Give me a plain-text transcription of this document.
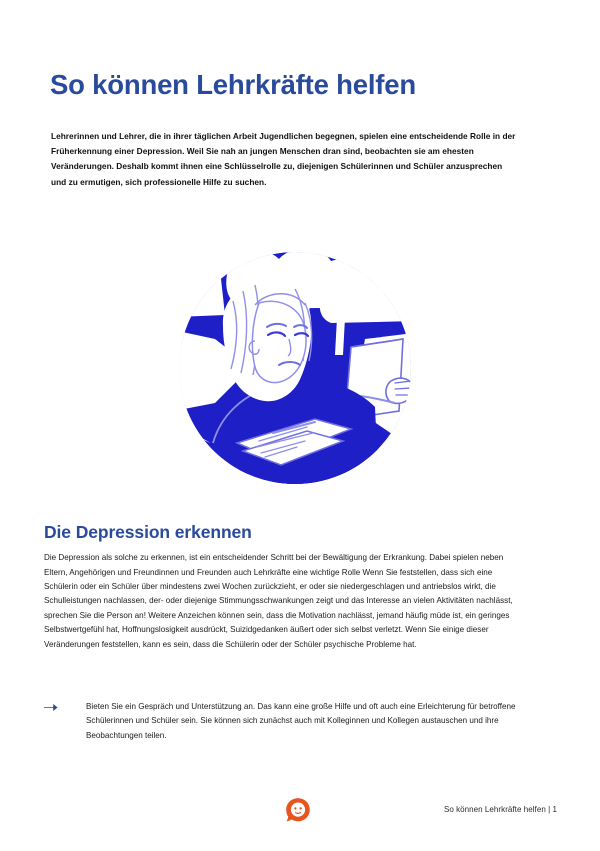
So können Lehrkräfte helfen

Lehrerinnen und Lehrer, die in ihrer täglichen Arbeit Jugendlichen begegnen, spielen eine entscheidende Rolle in der Früherkennung einer Depression. Weil Sie nah an jungen Menschen dran sind, beobachten sie am ehesten Veränderungen. Deshalb kommt ihnen eine Schlüsselrolle zu, diejenigen Schülerinnen und Schüler anzusprechen und zu ermutigen, sich professionelle Hilfe zu suchen.

Die Depression erkennen

Die Depression als solche zu erkennen, ist ein entscheidender Schritt bei der Bewältigung der Erkrankung. Dabei spielen neben Eltern, Angehörigen und Freundinnen und Freunden auch Lehrkräfte eine wichtige Rolle Wenn Sie feststellen, dass sich eine Schülerin oder ein Schüler über mindestens zwei Wochen zurückzieht, er oder sie niedergeschlagen und antriebslos wirkt, die Schulleistungen nachlassen, der- oder diejenige Stimmungsschwankungen zeigt und das Interesse an vielen Aktivitäten nachlässt, sprechen Sie die Person an! Weitere Anzeichen können sein, dass die Motivation nachlässt, jemand häufig müde ist, ein geringes Selbstwertgefühl hat, Hoffnungslosigkeit ausdrückt, Suizidgedanken äußert oder sich selbst verletzt. Wenn Sie einige dieser Veränderungen feststellen, kann es sein, dass die Schülerin oder der Schüler psychische Probleme hat.

Bieten Sie ein Gespräch und Unterstützung an. Das kann eine große Hilfe und oft auch eine Erleichterung für betroffene Schülerinnen und Schüler sein. Sie können sich zunächst auch mit Kolleginnen und Kollegen austauschen und ihre Beobachtungen teilen.
So können Lehrkräfte helfen | 1
